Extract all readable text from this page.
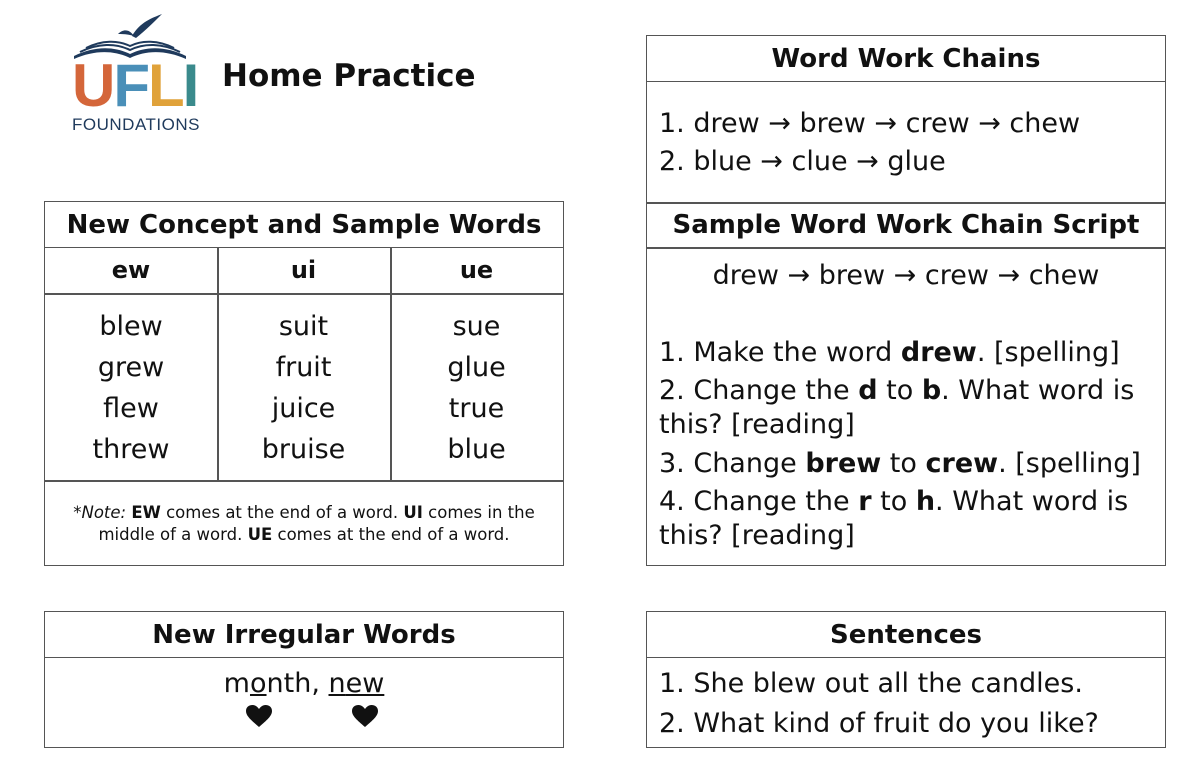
UFLI
FOUNDATIONS
Home Practice
New Concept and Sample Words
ew	ui	ue
blew
grew
flew
threw
suit
fruit
juice
bruise
sue
glue
true
blue
*Note: EW comes at the end of a word. UI comes in the
middle of a word. UE comes at the end of a word.
New Irregular Words
month, new
Word Work Chains
1. drew → brew → crew → chew
2. blue → clue → glue
Sample Word Work Chain Script
drew → brew → crew → chew
1. Make the word drew. [spelling]
2. Change the d to b. What word is
this? [reading]
3. Change brew to crew. [spelling]
4. Change the r to h. What word is
this? [reading]
Sentences
1. She blew out all the candles.
2. What kind of fruit do you like?
